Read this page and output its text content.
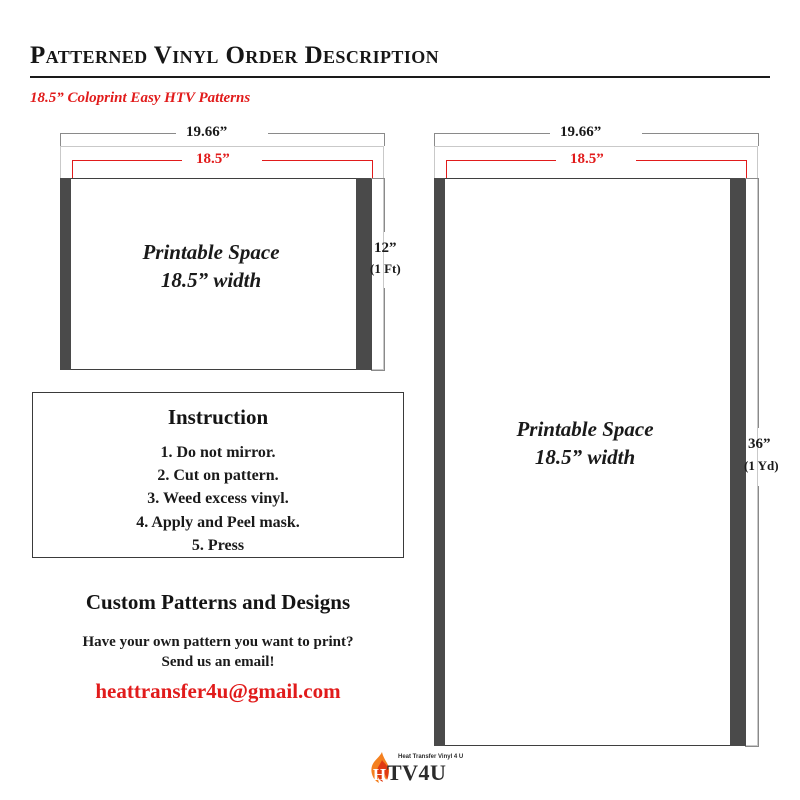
Patterned Vinyl Order Description
18.5” Coloprint Easy HTV Patterns
19.66”
18.5”
Printable Space
18.5” width
12”
(1 Ft)
19.66”
18.5”
Printable Space
18.5” width
36”
(1 Yd)
Instruction
1. Do not mirror.
2. Cut on pattern.
3. Weed excess vinyl.
4. Apply and Peel mask.
5. Press
Custom Patterns and Designs
Have your own pattern you want to print?
Send us an email!
heattransfer4u@gmail.com
H
Heat Transfer Vinyl 4 U
TV4U
